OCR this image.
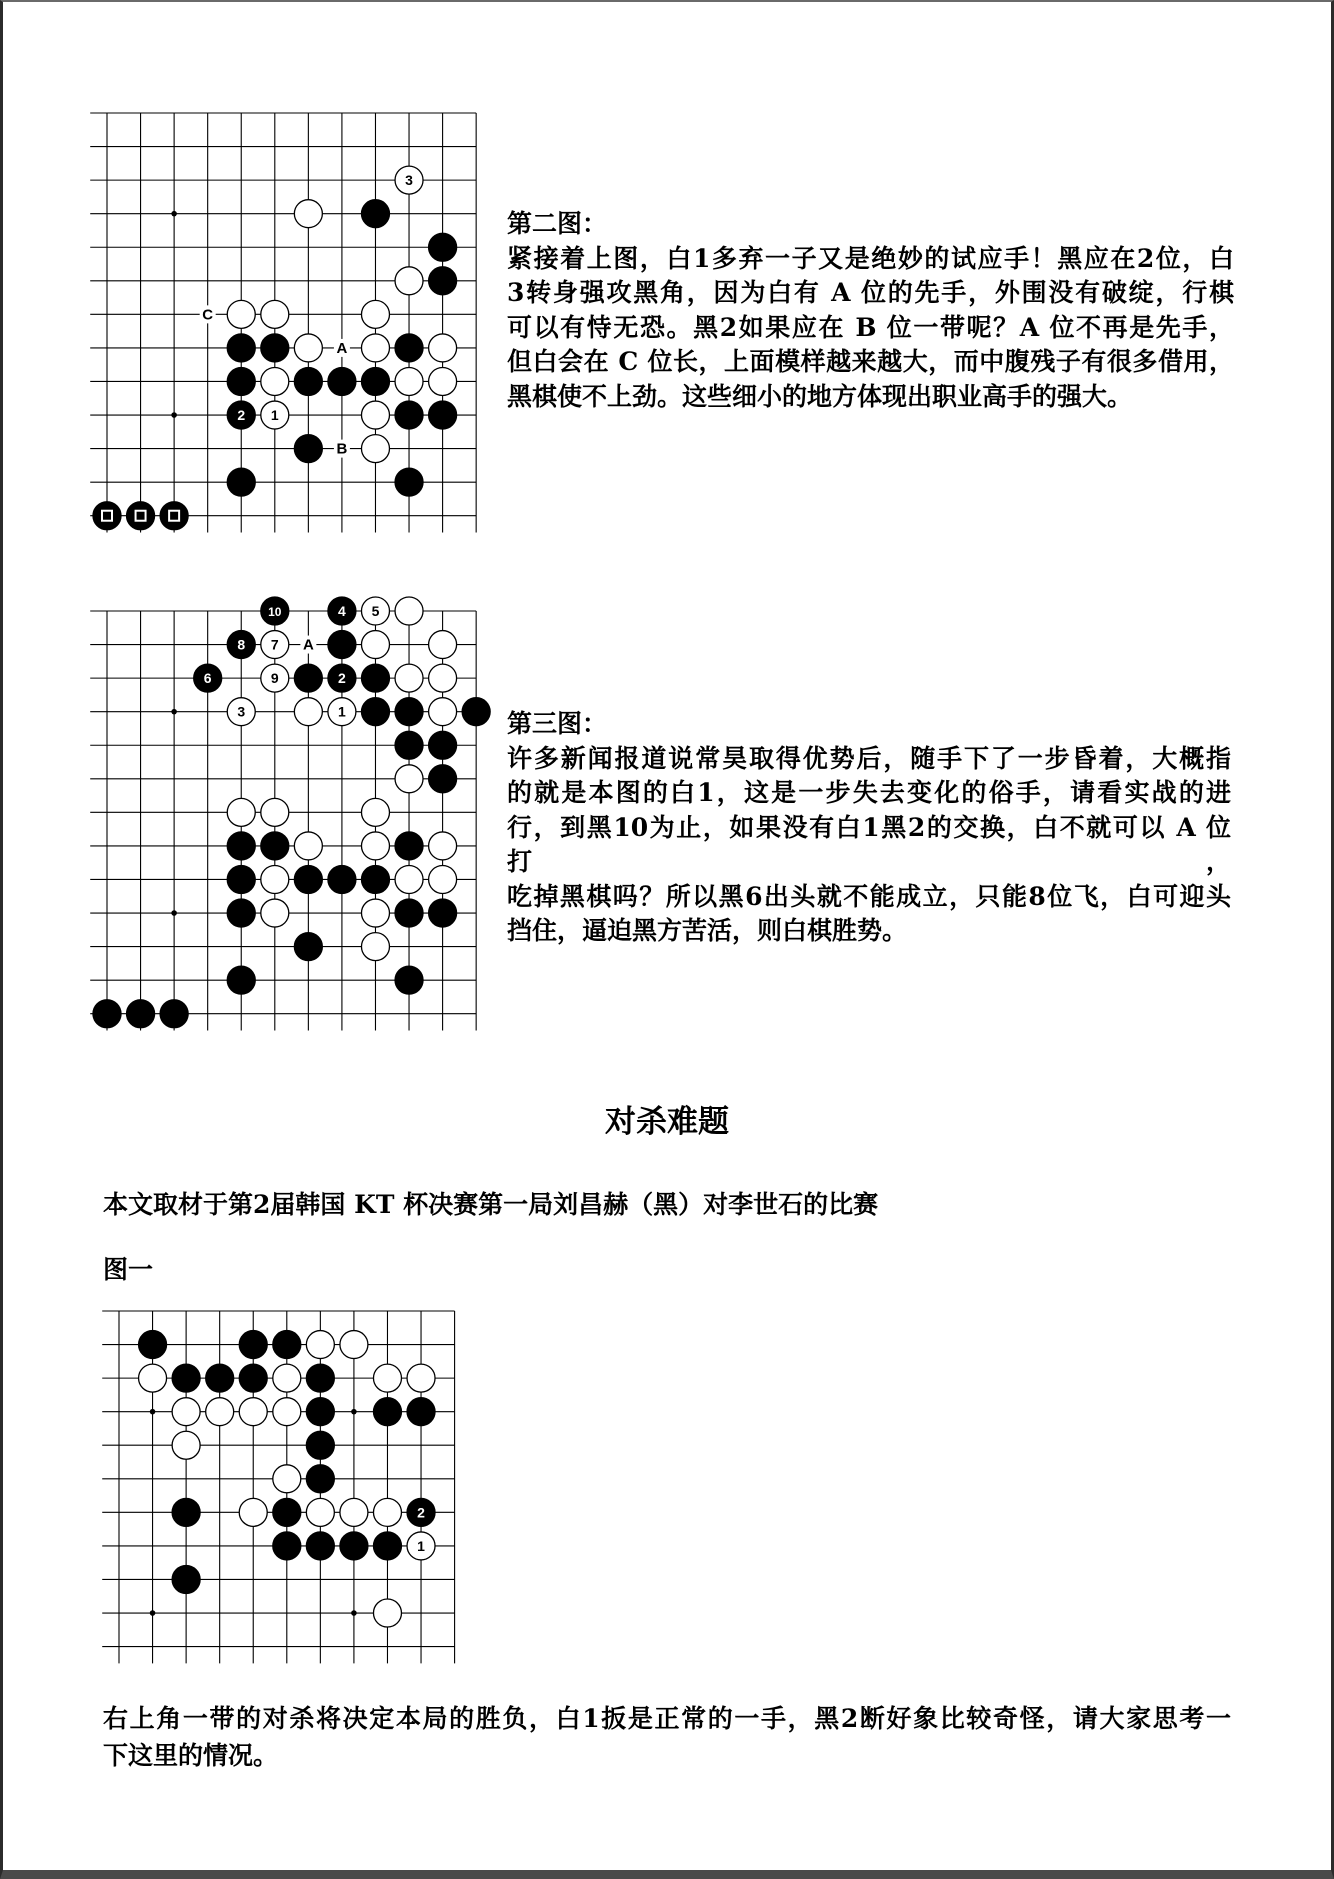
C
A
B
3
2 1
第二图：
紧接着上图，白1多弃一子又是绝妙的试应手！黑应在2位，白
3转身强攻黑角，因为白有 A 位的先手，外围没有破绽，行棋
可以有恃无恐。黑2如果应在 B 位一带呢？A 位不再是先手，
但白会在 C 位长，上面模样越来越大，而中腹残子有很多借用，
黑棋使不上劲。这些细小的地方体现出职业高手的强大。
A
10	4 5
8 7
6	9	2
3	1	第三图：
许多新闻报道说常昊取得优势后，随手下了一步昏着，大概指
的就是本图的白1，这是一步失去变化的俗手，请看实战的进
行，到黑10为止，如果没有白1黑2的交换，白不就可以 A 位打，
吃掉黑棋吗？所以黑6出头就不能成立，只能8位飞，白可迎头
挡住，逼迫黑方苦活，则白棋胜势。
对杀难题
本文取材于第2届韩国 KT 杯决赛第一局刘昌赫（黑）对李世石的比赛
图一
2
1
右上角一带的对杀将决定本局的胜负，白1扳是正常的一手，黑2断好象比较奇怪，请大家思考一
下这里的情况。
